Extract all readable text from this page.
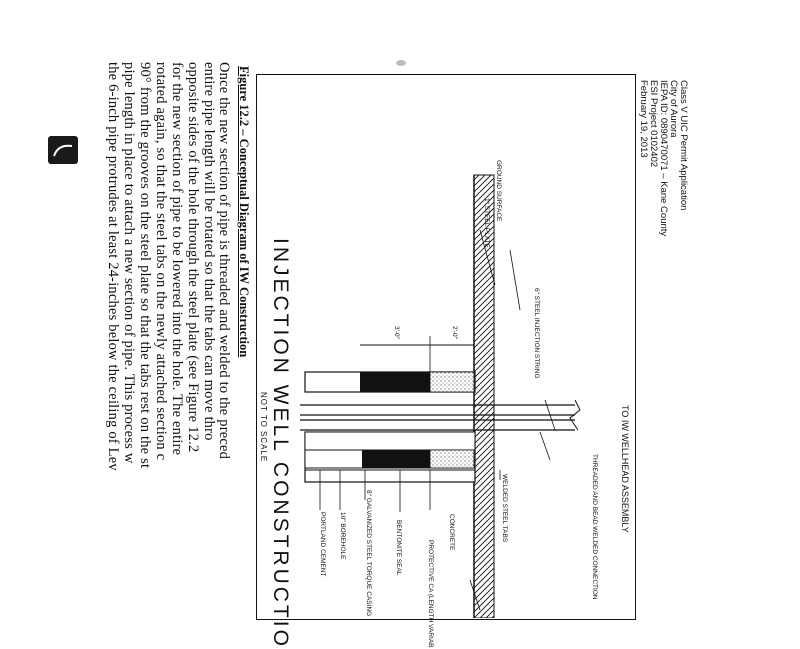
Class V UIC Permit Application
City of Aurora
IEPA ID: 0890470071 – Kane County
ESI Project 0102402
February 19, 2013
GROUND SURFACE
1" STEEL PLATE
6" STEEL INJECTION STRING
3'-0"	2'-0"
TO IW WELLHEAD ASSEMBLY
THREADED AND BEAD WELDED CONNECTION
WELDED STEEL TABS
CONCRETE
PROTECTIVE CA (LENGTH VARIAB
BENTONITE SEAL
8" GALVANIZED STEEL TORQUE CASING
10" BOREHOLE
PORTLAND CEMENT
INJECTION WELL CONSTRUCTIO
NOT TO SCALE
Figure 12.2 – Conceptual Diagram of IW Construction
Once the new section of pipe is threaded and welded to the preced
entire pipe length will be rotated so that the tabs can move thro
opposite sides of the hole through the steel plate (see Figure 12.2
for the new section of pipe to be lowered into the hole. The entire
rotated again, so that the steel tabs on the newly attached section c
90° from the grooves on the steel plate so that the tabs rest on the st
pipe length in place to attach a new section of pipe. This process w
the 6-inch pipe protrudes at least 24-inches below the ceiling of Lev
